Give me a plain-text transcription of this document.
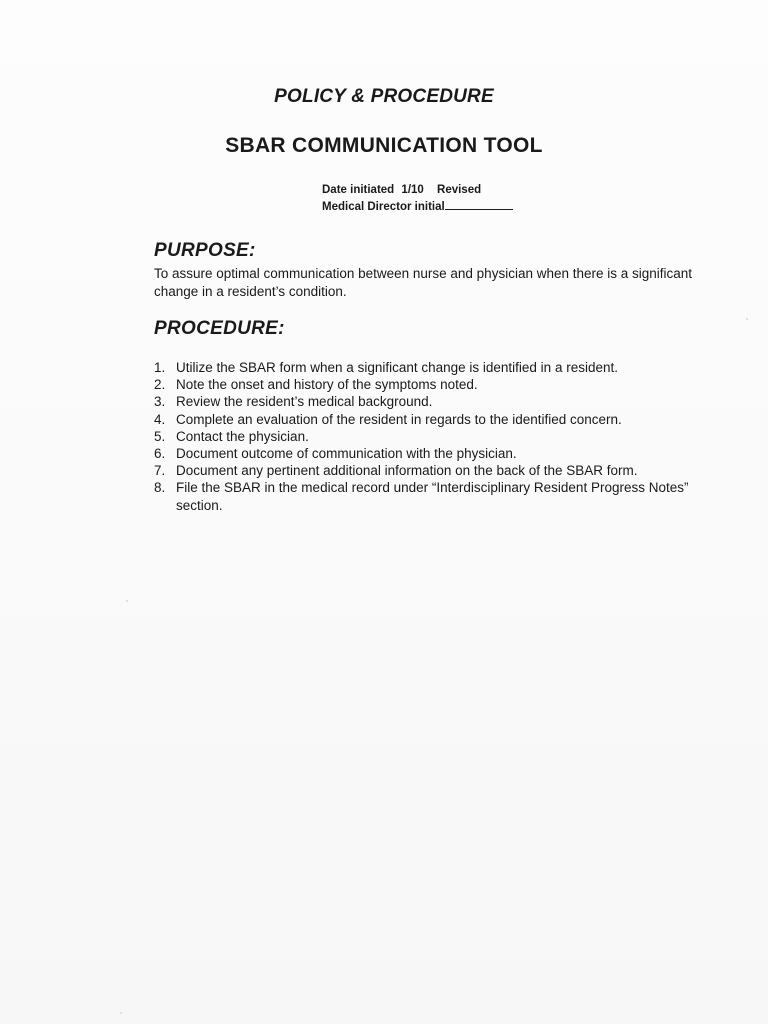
POLICY & PROCEDURE
SBAR COMMUNICATION TOOL
Date initiated 1/10 Revised
Medical Director initial
PURPOSE:
To assure optimal communication between nurse and physician when there is a significant change in a resident’s condition.
PROCEDURE:
1. Utilize the SBAR form when a significant change is identified in a resident.
2. Note the onset and history of the symptoms noted.
3. Review the resident’s medical background.
4. Complete an evaluation of the resident in regards to the identified concern.
5. Contact the physician.
6. Document outcome of communication with the physician.
7. Document any pertinent additional information on the back of the SBAR form.
8. File the SBAR in the medical record under “Interdisciplinary Resident Progress Notes” section.
